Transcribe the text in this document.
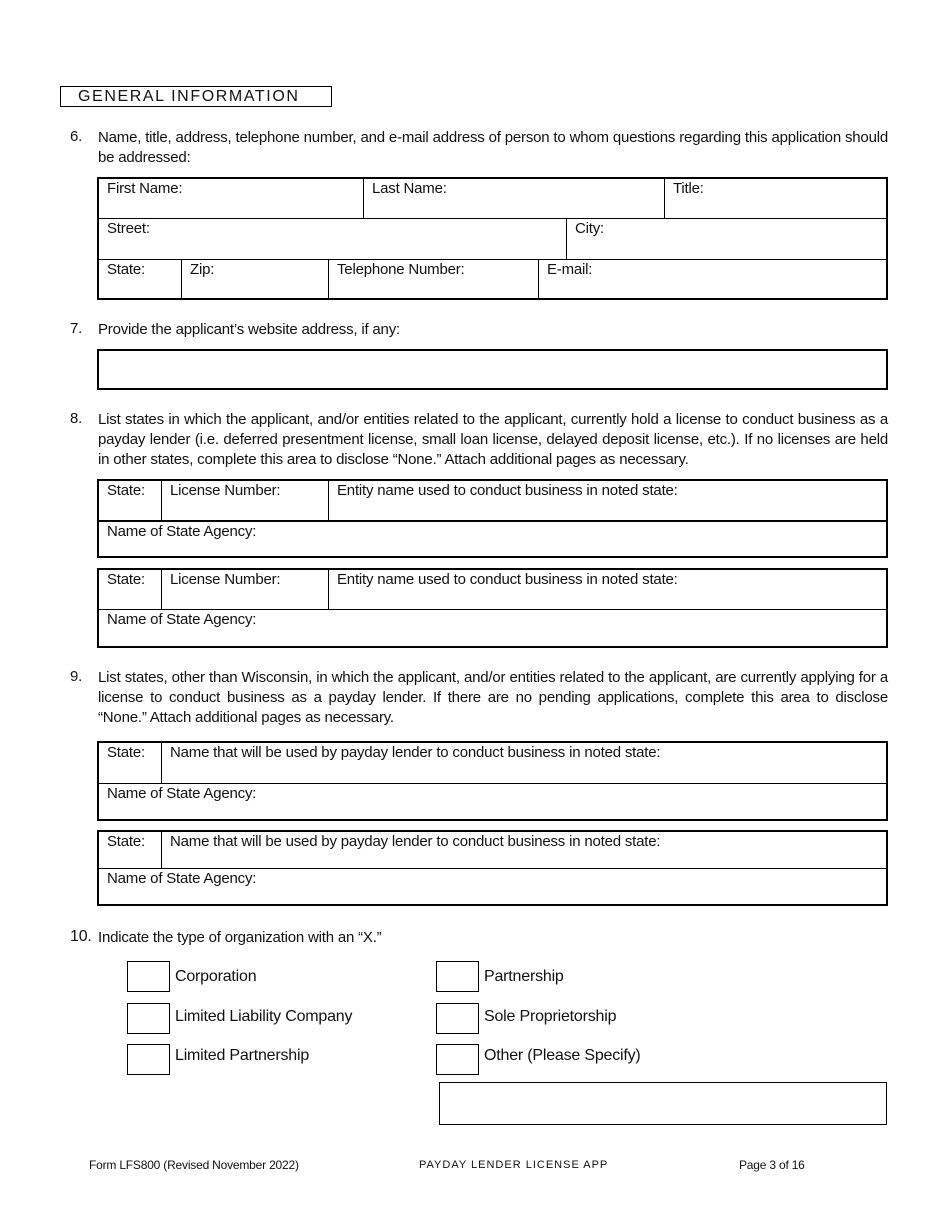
GENERAL INFORMATION
6.	Name, title, address, telephone number, and e-mail address of person to whom questions regarding this application should be addressed:
First Name:	Last Name:	Title:
Street:	City:
State:	Zip:	Telephone Number:	E-mail:
7.	Provide the applicant’s website address, if any:
8.	List states in which the applicant, and/or entities related to the applicant, currently hold a license to conduct business as a payday lender (i.e. deferred presentment license, small loan license, delayed deposit license, etc.). If no licenses are held in other states, complete this area to disclose “None.” Attach additional pages as necessary.
State:	License Number:	Entity name used to conduct business in noted state:
Name of State Agency:
State:	License Number:	Entity name used to conduct business in noted state:
Name of State Agency:
9.	List states, other than Wisconsin, in which the applicant, and/or entities related to the applicant, are currently applying for a license to conduct business as a payday lender. If there are no pending applications, complete this area to disclose “None.” Attach additional pages as necessary.
State:	Name that will be used by payday lender to conduct business in noted state:
Name of State Agency:
State:	Name that will be used by payday lender to conduct business in noted state:
Name of State Agency:
10. Indicate the type of organization with an “X.”
Corporation
Limited Liability Company
Limited Partnership
Partnership
Sole Proprietorship
Other (Please Specify)
Form LFS800 (Revised November 2022)	PAYDAY LENDER LICENSE APP	Page 3 of 16
